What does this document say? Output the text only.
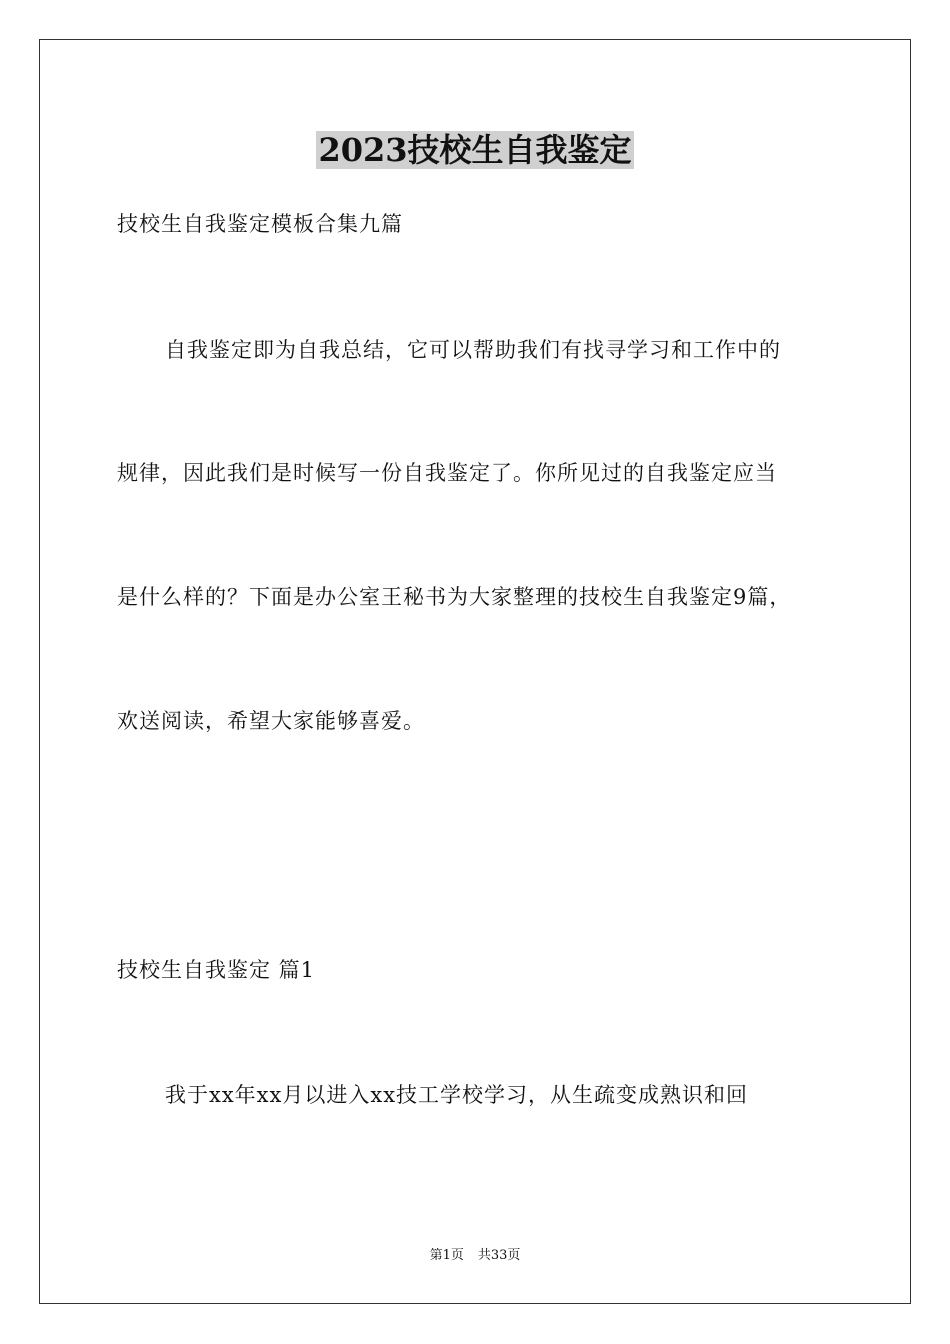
2023技校生自我鉴定
技校生自我鉴定模板合集九篇
自我鉴定即为自我总结，它可以帮助我们有找寻学习和工作中的
规律，因此我们是时候写一份自我鉴定了。你所见过的自我鉴定应当
是什么样的？下面是办公室王秘书为大家整理的技校生自我鉴定9篇，
欢送阅读，希望大家能够喜爱。
技校生自我鉴定 篇1
我于xx年xx月以进入xx技工学校学习，从生疏变成熟识和回
第1页 共33页
